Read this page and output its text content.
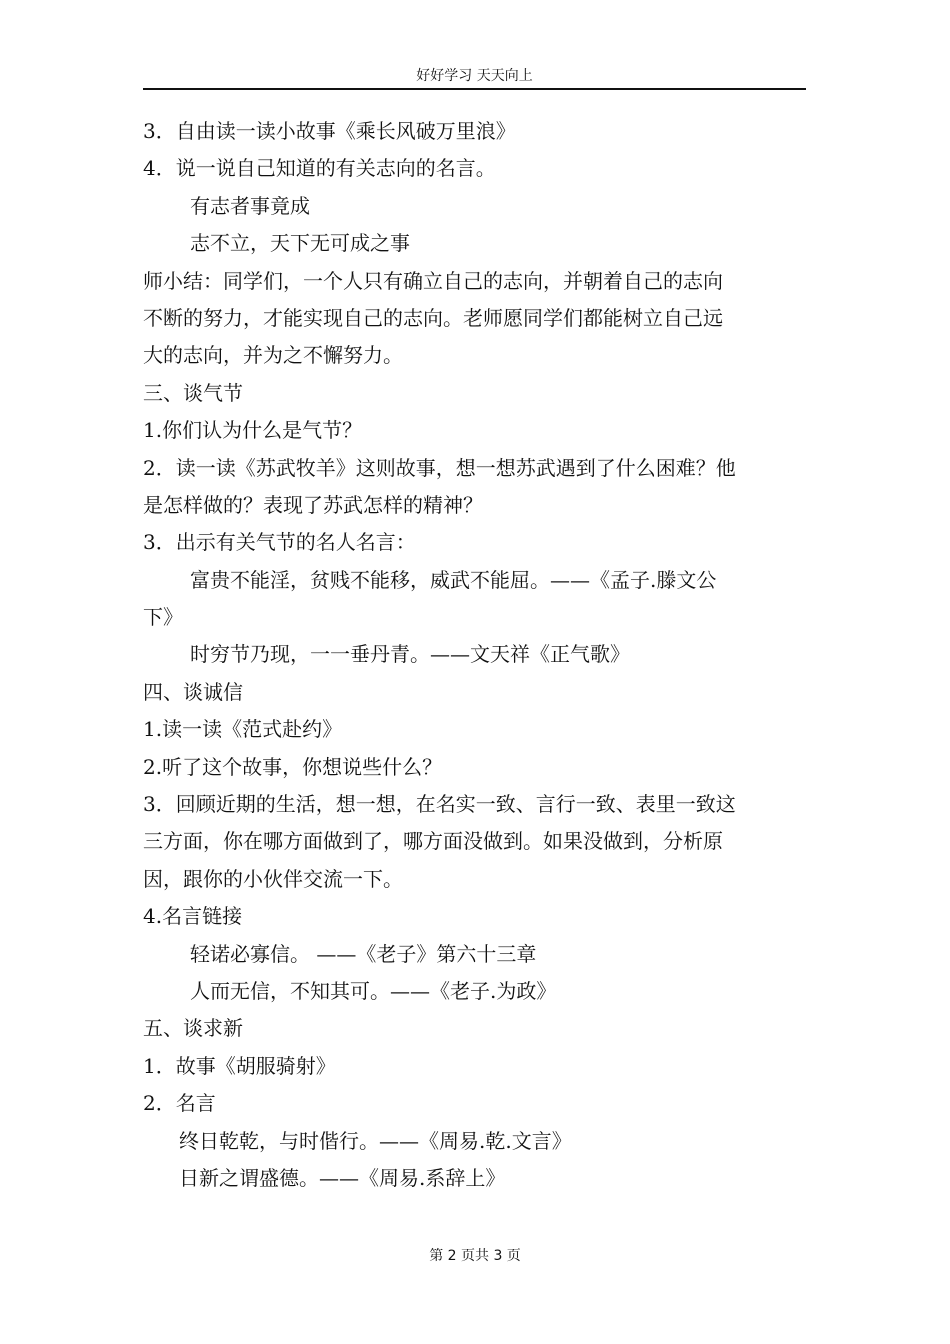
好好学习 天天向上

3．自由读一读小故事《乘长风破万里浪》

4．说一说自己知道的有关志向的名言。

有志者事竟成

志不立，天下无可成之事

师小结：同学们，一个人只有确立自己的志向，并朝着自己的志向

不断的努力，才能实现自己的志向。老师愿同学们都能树立自己远

大的志向，并为之不懈努力。

三、谈气节

1.你们认为什么是气节？

2．读一读《苏武牧羊》这则故事，想一想苏武遇到了什么困难？他

是怎样做的？表现了苏武怎样的精神？

3．出示有关气节的名人名言：

富贵不能淫，贫贱不能移，威武不能屈。——《孟子.滕文公

下》

时穷节乃现，一一垂丹青。——文天祥《正气歌》

四、谈诚信

1.读一读《范式赴约》

2.听了这个故事，你想说些什么？

3．回顾近期的生活，想一想，在名实一致、言行一致、表里一致这

三方面，你在哪方面做到了，哪方面没做到。如果没做到，分析原

因，跟你的小伙伴交流一下。

4.名言链接

轻诺必寡信。 ——《老子》第六十三章

人而无信，不知其可。——《老子.为政》

五、谈求新

1．故事《胡服骑射》

2．名言

终日乾乾，与时偕行。——《周易.乾.文言》

日新之谓盛德。——《周易.系辞上》

第 2 页共 3 页
